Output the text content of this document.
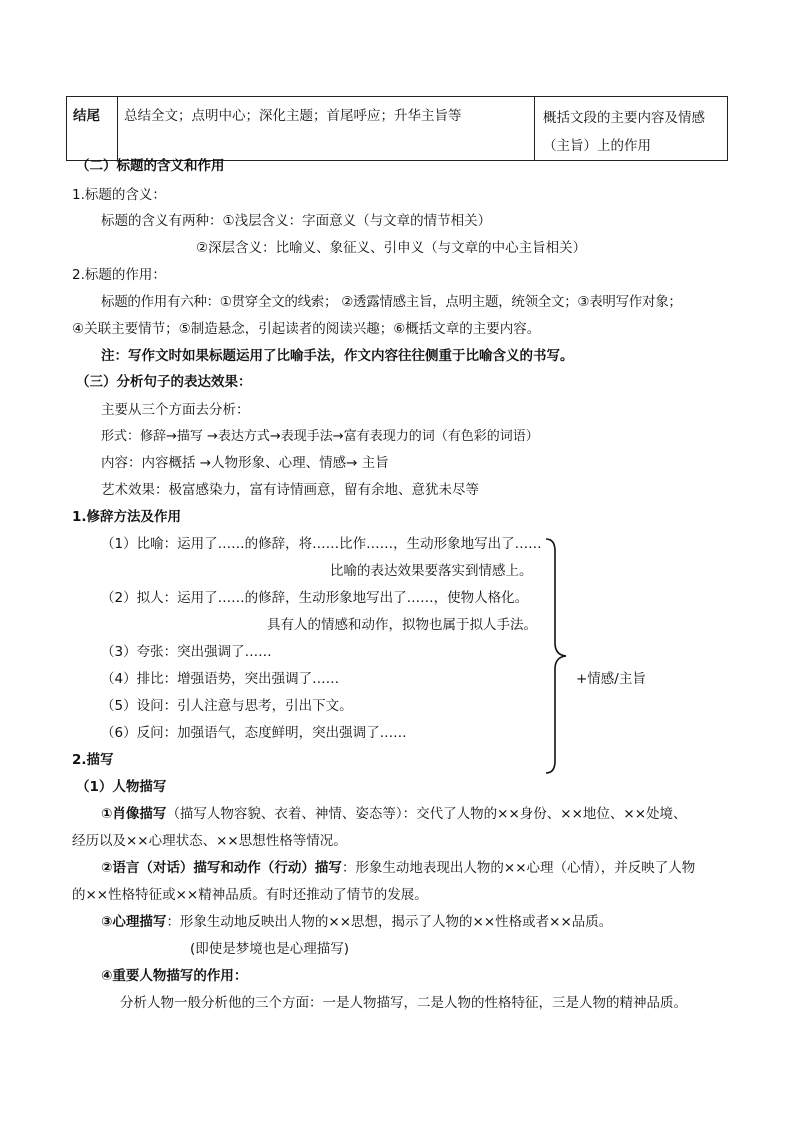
结尾	总结全文；点明中心；深化主题；首尾呼应；升华主旨等	概括文段的主要内容及情感
（主旨）上的作用
（二）标题的含义和作用
1.标题的含义：
标题的含义有两种：①浅层含义：字面意义（与文章的情节相关）
②深层含义：比喻义、象征义、引申义（与文章的中心主旨相关）
2.标题的作用：
标题的作用有六种：①贯穿全文的线索； ②透露情感主旨，点明主题，统领全文；③表明写作对象；
④关联主要情节；⑤制造悬念，引起读者的阅读兴趣；⑥概括文章的主要内容。
注：写作文时如果标题运用了比喻手法，作文内容往往侧重于比喻含义的书写。
（三）分析句子的表达效果：
主要从三个方面去分析：
形式：修辞→描写 →表达方式→表现手法→富有表现力的词（有色彩的词语）
内容：内容概括 →人物形象、心理、情感→ 主旨
艺术效果：极富感染力，富有诗情画意，留有余地、意犹未尽等
1.修辞方法及作用
（1）比喻：运用了……的修辞，将……比作……，生动形象地写出了……
比喻的表达效果要落实到情感上。
（2）拟人：运用了……的修辞，生动形象地写出了……，使物人格化。
具有人的情感和动作，拟物也属于拟人手法。
（3）夸张：突出强调了……
（4）排比：增强语势，突出强调了……
（5）设问：引人注意与思考，引出下文。
（6）反问：加强语气，态度鲜明，突出强调了……
+情感/主旨
2.描写
（1）人物描写
①肖像描写（描写人物容貌、衣着、神情、姿态等）：交代了人物的××身份、××地位、××处境、
经历以及××心理状态、××思想性格等情况。
②语言（对话）描写和动作（行动）描写：形象生动地表现出人物的××心理（心情），并反映了人物
的××性格特征或××精神品质。有时还推动了情节的发展。
③心理描写：形象生动地反映出人物的××思想，揭示了人物的××性格或者××品质。
(即使是梦境也是心理描写)
④重要人物描写的作用：
分析人物一般分析他的三个方面：一是人物描写，二是人物的性格特征，三是人物的精神品质。
